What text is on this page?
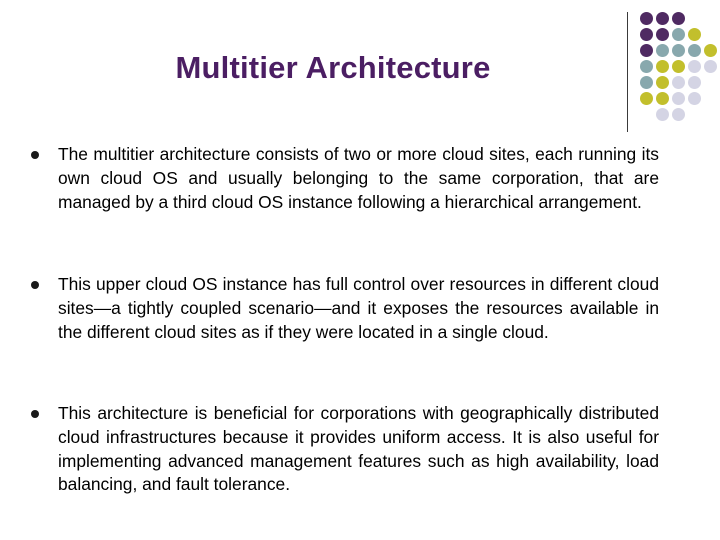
Multitier Architecture
The multitier architecture consists of two or more cloud sites, each running its own cloud OS and usually belonging to the same corporation, that are managed by a third cloud OS instance following a hierarchical arrangement.
This upper cloud OS instance has full control over resources in different cloud sites—a tightly coupled scenario—and it exposes the resources available in the different cloud sites as if they were located in a single cloud.
This architecture is beneficial for corporations with geographically distributed cloud infrastructures because it provides uniform access. It is also useful for implementing advanced management features such as high availability, load balancing, and fault tolerance.
